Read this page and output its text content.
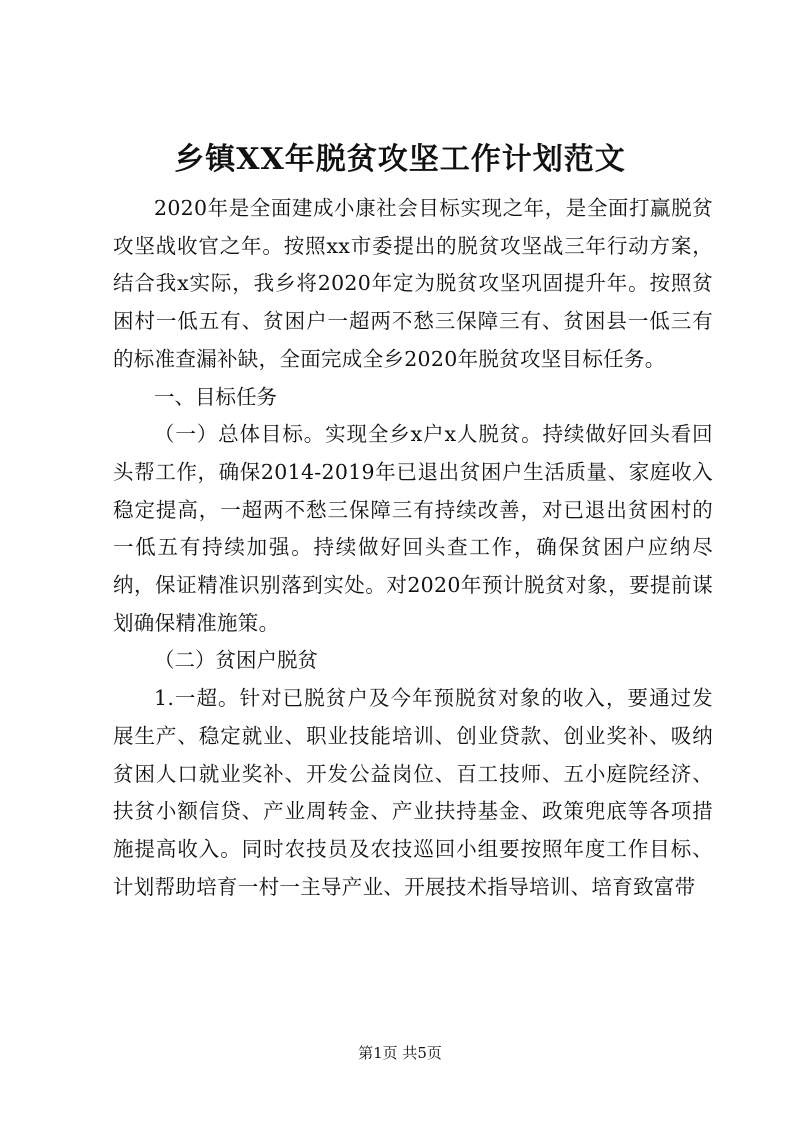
乡镇XX年脱贫攻坚工作计划范文

2020年是全面建成小康社会目标实现之年，是全面打赢脱贫攻坚战收官之年。按照xx市委提出的脱贫攻坚战三年行动方案，结合我x实际，我乡将2020年定为脱贫攻坚巩固提升年。按照贫困村一低五有、贫困户一超两不愁三保障三有、贫困县一低三有的标准查漏补缺，全面完成全乡2020年脱贫攻坚目标任务。

一、目标任务

（一）总体目标。实现全乡x户x人脱贫。持续做好回头看回头帮工作，确保2014-2019年已退出贫困户生活质量、家庭收入稳定提高，一超两不愁三保障三有持续改善，对已退出贫困村的一低五有持续加强。持续做好回头查工作，确保贫困户应纳尽纳，保证精准识别落到实处。对2020年预计脱贫对象，要提前谋划确保精准施策。

（二）贫困户脱贫

1.一超。针对已脱贫户及今年预脱贫对象的收入，要通过发展生产、稳定就业、职业技能培训、创业贷款、创业奖补、吸纳贫困人口就业奖补、开发公益岗位、百工技师、五小庭院经济、扶贫小额信贷、产业周转金、产业扶持基金、政策兜底等各项措施提高收入。同时农技员及农技巡回小组要按照年度工作目标、计划帮助培育一村一主导产业、开展技术指导培训、培育致富带

第1页 共5页
